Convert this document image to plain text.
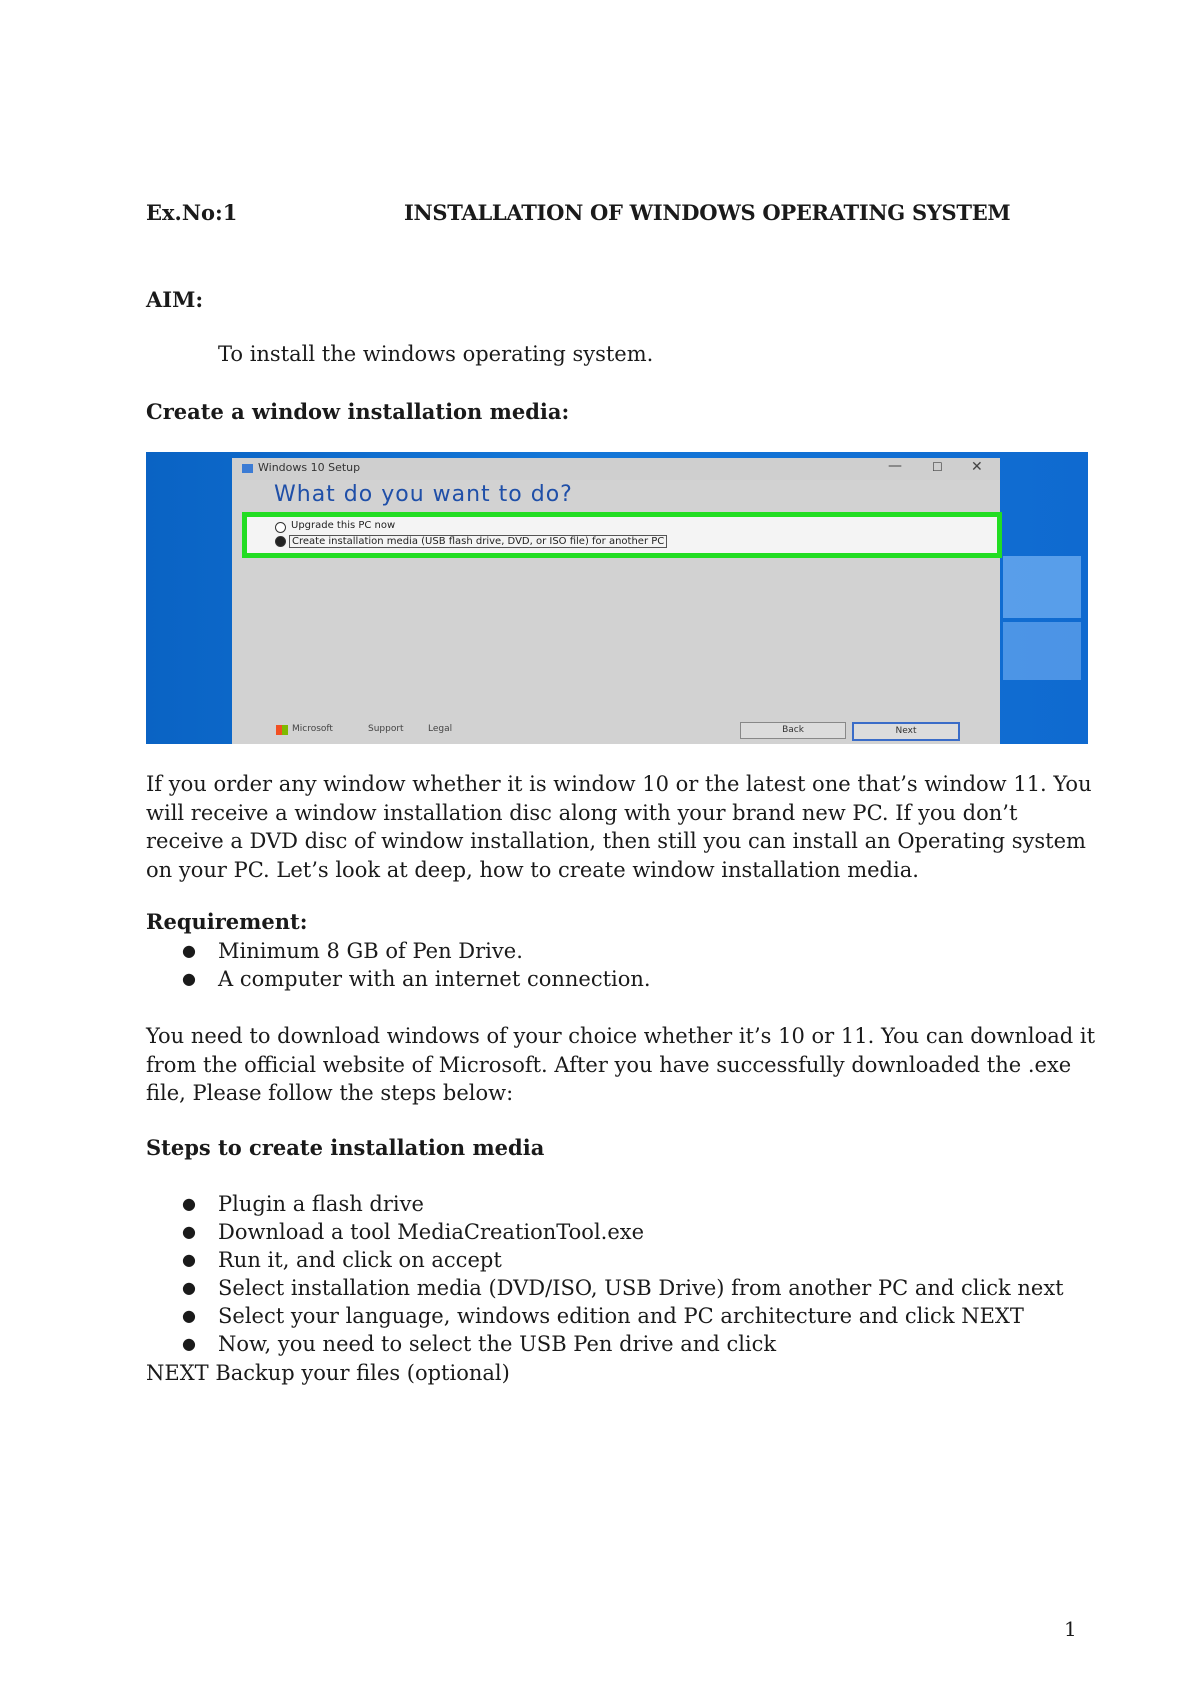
Ex.No:1	INSTALLATION OF WINDOWS OPERATING SYSTEM
AIM:
To install the windows operating system.
Create a window installation media:
Windows 10 Setup	—	☐ ✕
What do you want to do?
Upgrade this PC now
Create installation media (USB flash drive, DVD, or ISO file) for another PC
Microsoft	Support	Legal	Back	Next

If you order any window whether it is window 10 or the latest one that’s window 11. You will receive a window installation disc along with your brand new PC. If you don’t receive a DVD disc of window installation, then still you can install an Operating system on your PC. Let’s look at deep, how to create window installation media.

Requirement:
● Minimum 8 GB of Pen Drive.
● A computer with an internet connection.

You need to download windows of your choice whether it’s 10 or 11. You can download it from the official website of Microsoft. After you have successfully downloaded the .exe file, Please follow the steps below:

Steps to create installation media
● Plugin a flash drive
● Download a tool MediaCreationTool.exe
● Run it, and click on accept
● Select installation media (DVD/ISO, USB Drive) from another PC and click next
● Select your language, windows edition and PC architecture and click NEXT
● Now, you need to select the USB Pen drive and click
NEXT Backup your files (optional)
1
